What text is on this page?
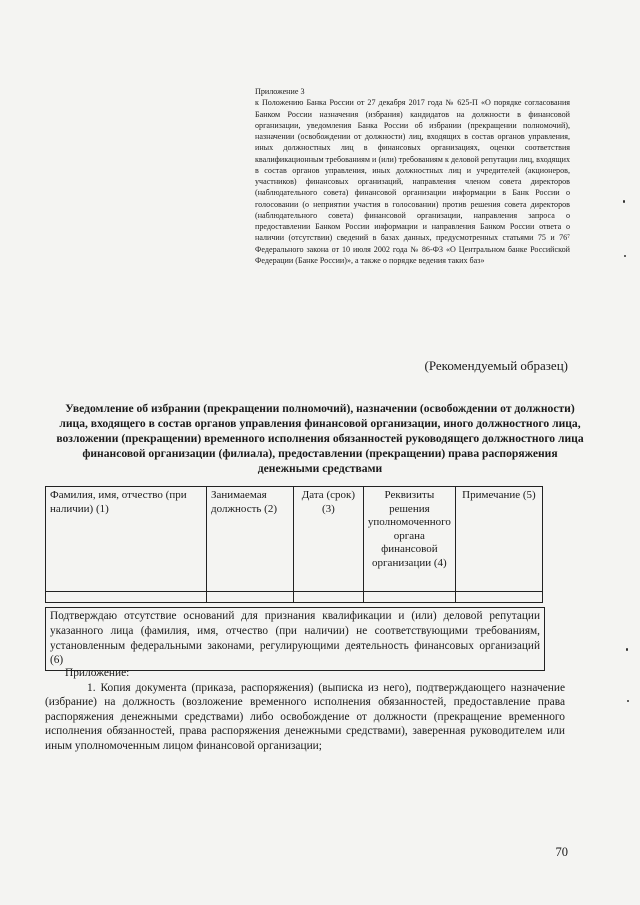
Приложение 3

к Положению Банка России от 27 декабря 2017 года № 625-П «О порядке согласования Банком России назначения (избрания) кандидатов на должности в финансовой организации, уведомления Банка России об избрании (прекращении полномочий), назначении (освобождении от должности) лиц, входящих в состав органов управления, иных должностных лиц в финансовых организациях, оценки соответствия квалификационным требованиям и (или) требованиям к деловой репутации лиц, входящих в состав органов управления, иных должностных лиц и учредителей (акционеров, участников) финансовых организаций, направления членом совета директоров (наблюдательного совета) финансовой организации информации в Банк России о голосовании (о неприятии участия в голосовании) против решения совета директоров (наблюдательного совета) финансовой организации, направления запроса о предоставлении Банком России информации и направления Банком России ответа о наличии (отсутствии) сведений в базах данных, предусмотренных статьями 75 и 76⁷ Федерального закона от 10 июля 2002 года № 86-ФЗ «О Центральном банке Российской Федерации (Банке России)», а также о порядке ведения таких баз»

(Рекомендуемый образец)
Уведомление об избрании (прекращении полномочий), назначении (освобождении от должности) лица, входящего в состав органов управления финансовой организации, иного должностного лица, возложении (прекращении) временного исполнения обязанностей руководящего должностного лица финансовой организации (филиала), предоставлении (прекращении) права распоряжения денежными средствами
Фамилия, имя, отчество (при наличии) (1)	Занимаемая должность (2)	Дата (срок) (3)	Реквизиты решения уполномоченного органа финансовой организации (4)	Примечание (5)

Подтверждаю отсутствие оснований для признания квалификации и (или) деловой репутации указанного лица (фамилия, имя, отчество (при наличии) не соответствующими требованиям, установленным федеральными законами, регулирующими деятельность финансовых организаций (6)
Приложение:
1. Копия документа (приказа, распоряжения) (выписка из него), подтверждающего назначение (избрание) на должность (возложение временного исполнения обязанностей, предоставление права распоряжения денежными средствами) либо освобождение от должности (прекращение временного исполнения обязанностей, права распоряжения денежными средствами), заверенная руководителем или иным уполномоченным лицом финансовой организации;
70
